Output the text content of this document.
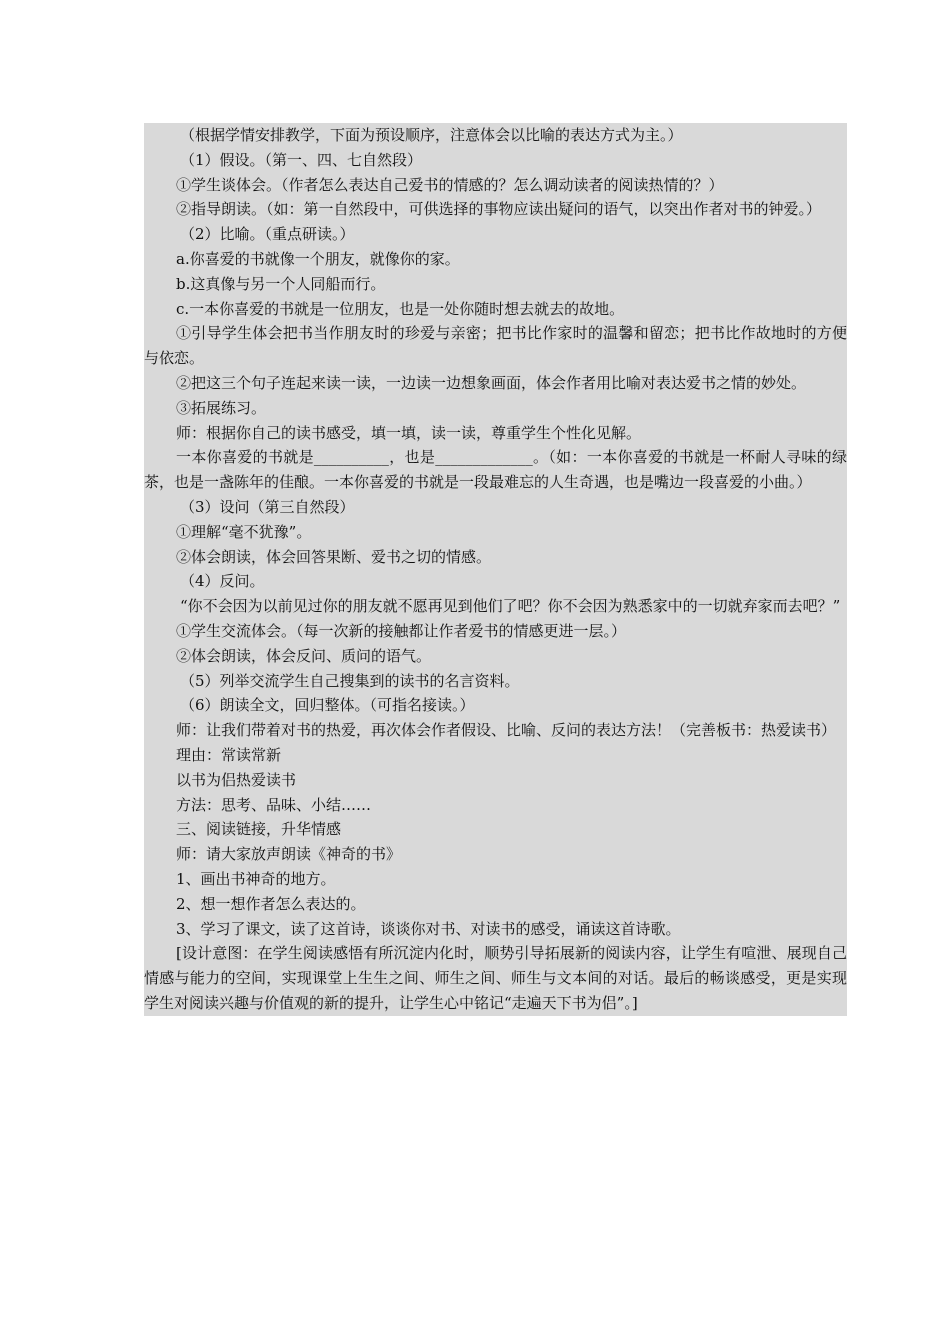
（根据学情安排教学，下面为预设顺序，注意体会以比喻的表达方式为主。）

（1）假设。（第一、四、七自然段）

①学生谈体会。（作者怎么表达自己爱书的情感的？怎么调动读者的阅读热情的？）

②指导朗读。（如：第一自然段中，可供选择的事物应读出疑问的语气，以突出作者对书的钟爱。）

（2）比喻。（重点研读。）

a.你喜爱的书就像一个朋友，就像你的家。

b.这真像与另一个人同船而行。

c.一本你喜爱的书就是一位朋友，也是一处你随时想去就去的故地。

①引导学生体会把书当作朋友时的珍爱与亲密；把书比作家时的温馨和留恋；把书比作故地时的方便与依恋。

②把这三个句子连起来读一读，一边读一边想象画面，体会作者用比喻对表达爱书之情的妙处。

③拓展练习。

师：根据你自己的读书感受，填一填，读一读，尊重学生个性化见解。

一本你喜爱的书就是__________，也是_____________。（如：一本你喜爱的书就是一杯耐人寻味的绿茶，也是一盏陈年的佳酿。一本你喜爱的书就是一段最难忘的人生奇遇，也是嘴边一段喜爱的小曲。）

（3）设问（第三自然段）

①理解“毫不犹豫”。

②体会朗读，体会回答果断、爱书之切的情感。

（4）反问。

“你不会因为以前见过你的朋友就不愿再见到他们了吧？你不会因为熟悉家中的一切就弃家而去吧？”

①学生交流体会。（每一次新的接触都让作者爱书的情感更进一层。）

②体会朗读，体会反问、质问的语气。

（5）列举交流学生自己搜集到的读书的名言资料。

（6）朗读全文，回归整体。（可指名接读。）

师：让我们带着对书的热爱，再次体会作者假设、比喻、反问的表达方法！（完善板书：热爱读书）

理由：常读常新

以书为侣热爱读书

方法：思考、品味、小结……

三、阅读链接，升华情感

师：请大家放声朗读《神奇的书》

1、画出书神奇的地方。

2、想一想作者怎么表达的。

3、学习了课文，读了这首诗，谈谈你对书、对读书的感受，诵读这首诗歌。

[设计意图：在学生阅读感悟有所沉淀内化时，顺势引导拓展新的阅读内容，让学生有喧泄、展现自己情感与能力的空间，实现课堂上生生之间、师生之间、师生与文本间的对话。最后的畅谈感受，更是实现学生对阅读兴趣与价值观的新的提升，让学生心中铭记“走遍天下书为侣”。]
